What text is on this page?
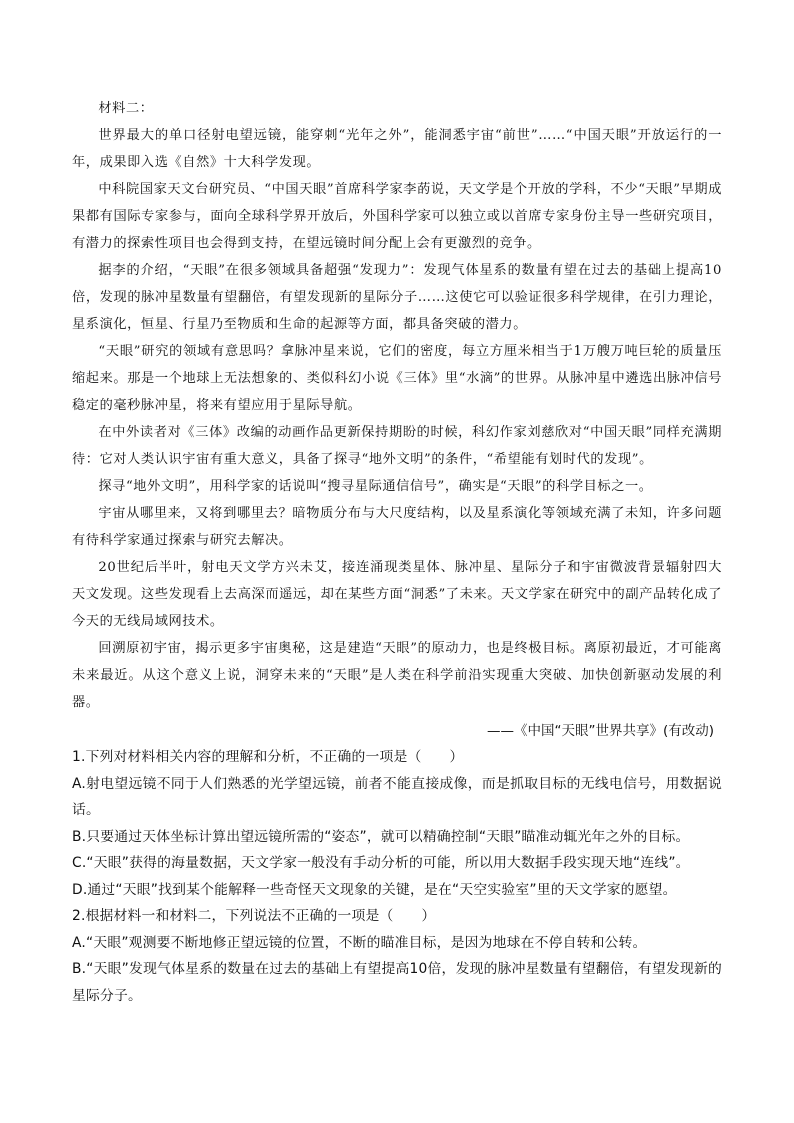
材料二：

世界最大的单口径射电望远镜，能穿刺“光年之外”，能洞悉宇宙“前世”……“中国天眼”开放运行的一年，成果即入选《自然》十大科学发现。

中科院国家天文台研究员、“中国天眼”首席科学家李菂说，天文学是个开放的学科，不少“天眼”早期成果都有国际专家参与，面向全球科学界开放后，外国科学家可以独立或以首席专家身份主导一些研究项目，有潜力的探索性项目也会得到支持，在望远镜时间分配上会有更激烈的竞争。

据李的介绍，“天眼”在很多领域具备超强“发现力”：发现气体星系的数量有望在过去的基础上提高10倍，发现的脉冲星数量有望翻倍，有望发现新的星际分子……这使它可以验证很多科学规律，在引力理论，星系演化，恒星、行星乃至物质和生命的起源等方面，都具备突破的潜力。

“天眼”研究的领域有意思吗？拿脉冲星来说，它们的密度，每立方厘米相当于1万艘万吨巨轮的质量压缩起来。那是一个地球上无法想象的、类似科幻小说《三体》里“水滴”的世界。从脉冲星中遴选出脉冲信号稳定的毫秒脉冲星，将来有望应用于星际导航。

在中外读者对《三体》改编的动画作品更新保持期盼的时候，科幻作家刘慈欣对“中国天眼”同样充满期待：它对人类认识宇宙有重大意义，具备了探寻“地外文明”的条件，“希望能有划时代的发现”。

探寻“地外文明”，用科学家的话说叫“搜寻星际通信信号”，确实是“天眼”的科学目标之一。

宇宙从哪里来，又将到哪里去？暗物质分布与大尺度结构，以及星系演化等领域充满了未知，许多问题有待科学家通过探索与研究去解决。

20世纪后半叶，射电天文学方兴未艾，接连涌现类星体、脉冲星、星际分子和宇宙微波背景辐射四大天文发现。这些发现看上去高深而遥远，却在某些方面“洞悉”了未来。天文学家在研究中的副产品转化成了今天的无线局域网技术。

回溯原初宇宙，揭示更多宇宙奥秘，这是建造“天眼”的原动力，也是终极目标。离原初最近，才可能离未来最近。从这个意义上说，洞穿未来的“天眼”是人类在科学前沿实现重大突破、加快创新驱动发展的利器。

——《中国“天眼”世界共享》(有改动)

1.下列对材料相关内容的理解和分析，不正确的一项是（　　）

A.射电望远镜不同于人们熟悉的光学望远镜，前者不能直接成像，而是抓取目标的无线电信号，用数据说话。

B.只要通过天体坐标计算出望远镜所需的“姿态”，就可以精确控制“天眼”瞄准动辄光年之外的目标。

C.“天眼”获得的海量数据，天文学家一般没有手动分析的可能，所以用大数据手段实现天地“连线”。

D.通过“天眼”找到某个能解释一些奇怪天文现象的关键，是在“天空实验室”里的天文学家的愿望。

2.根据材料一和材料二，下列说法不正确的一项是（　　）

A.“天眼”观测要不断地修正望远镜的位置，不断的瞄准目标，是因为地球在不停自转和公转。

B.“天眼”发现气体星系的数量在过去的基础上有望提高10倍，发现的脉冲星数量有望翻倍，有望发现新的星际分子。
